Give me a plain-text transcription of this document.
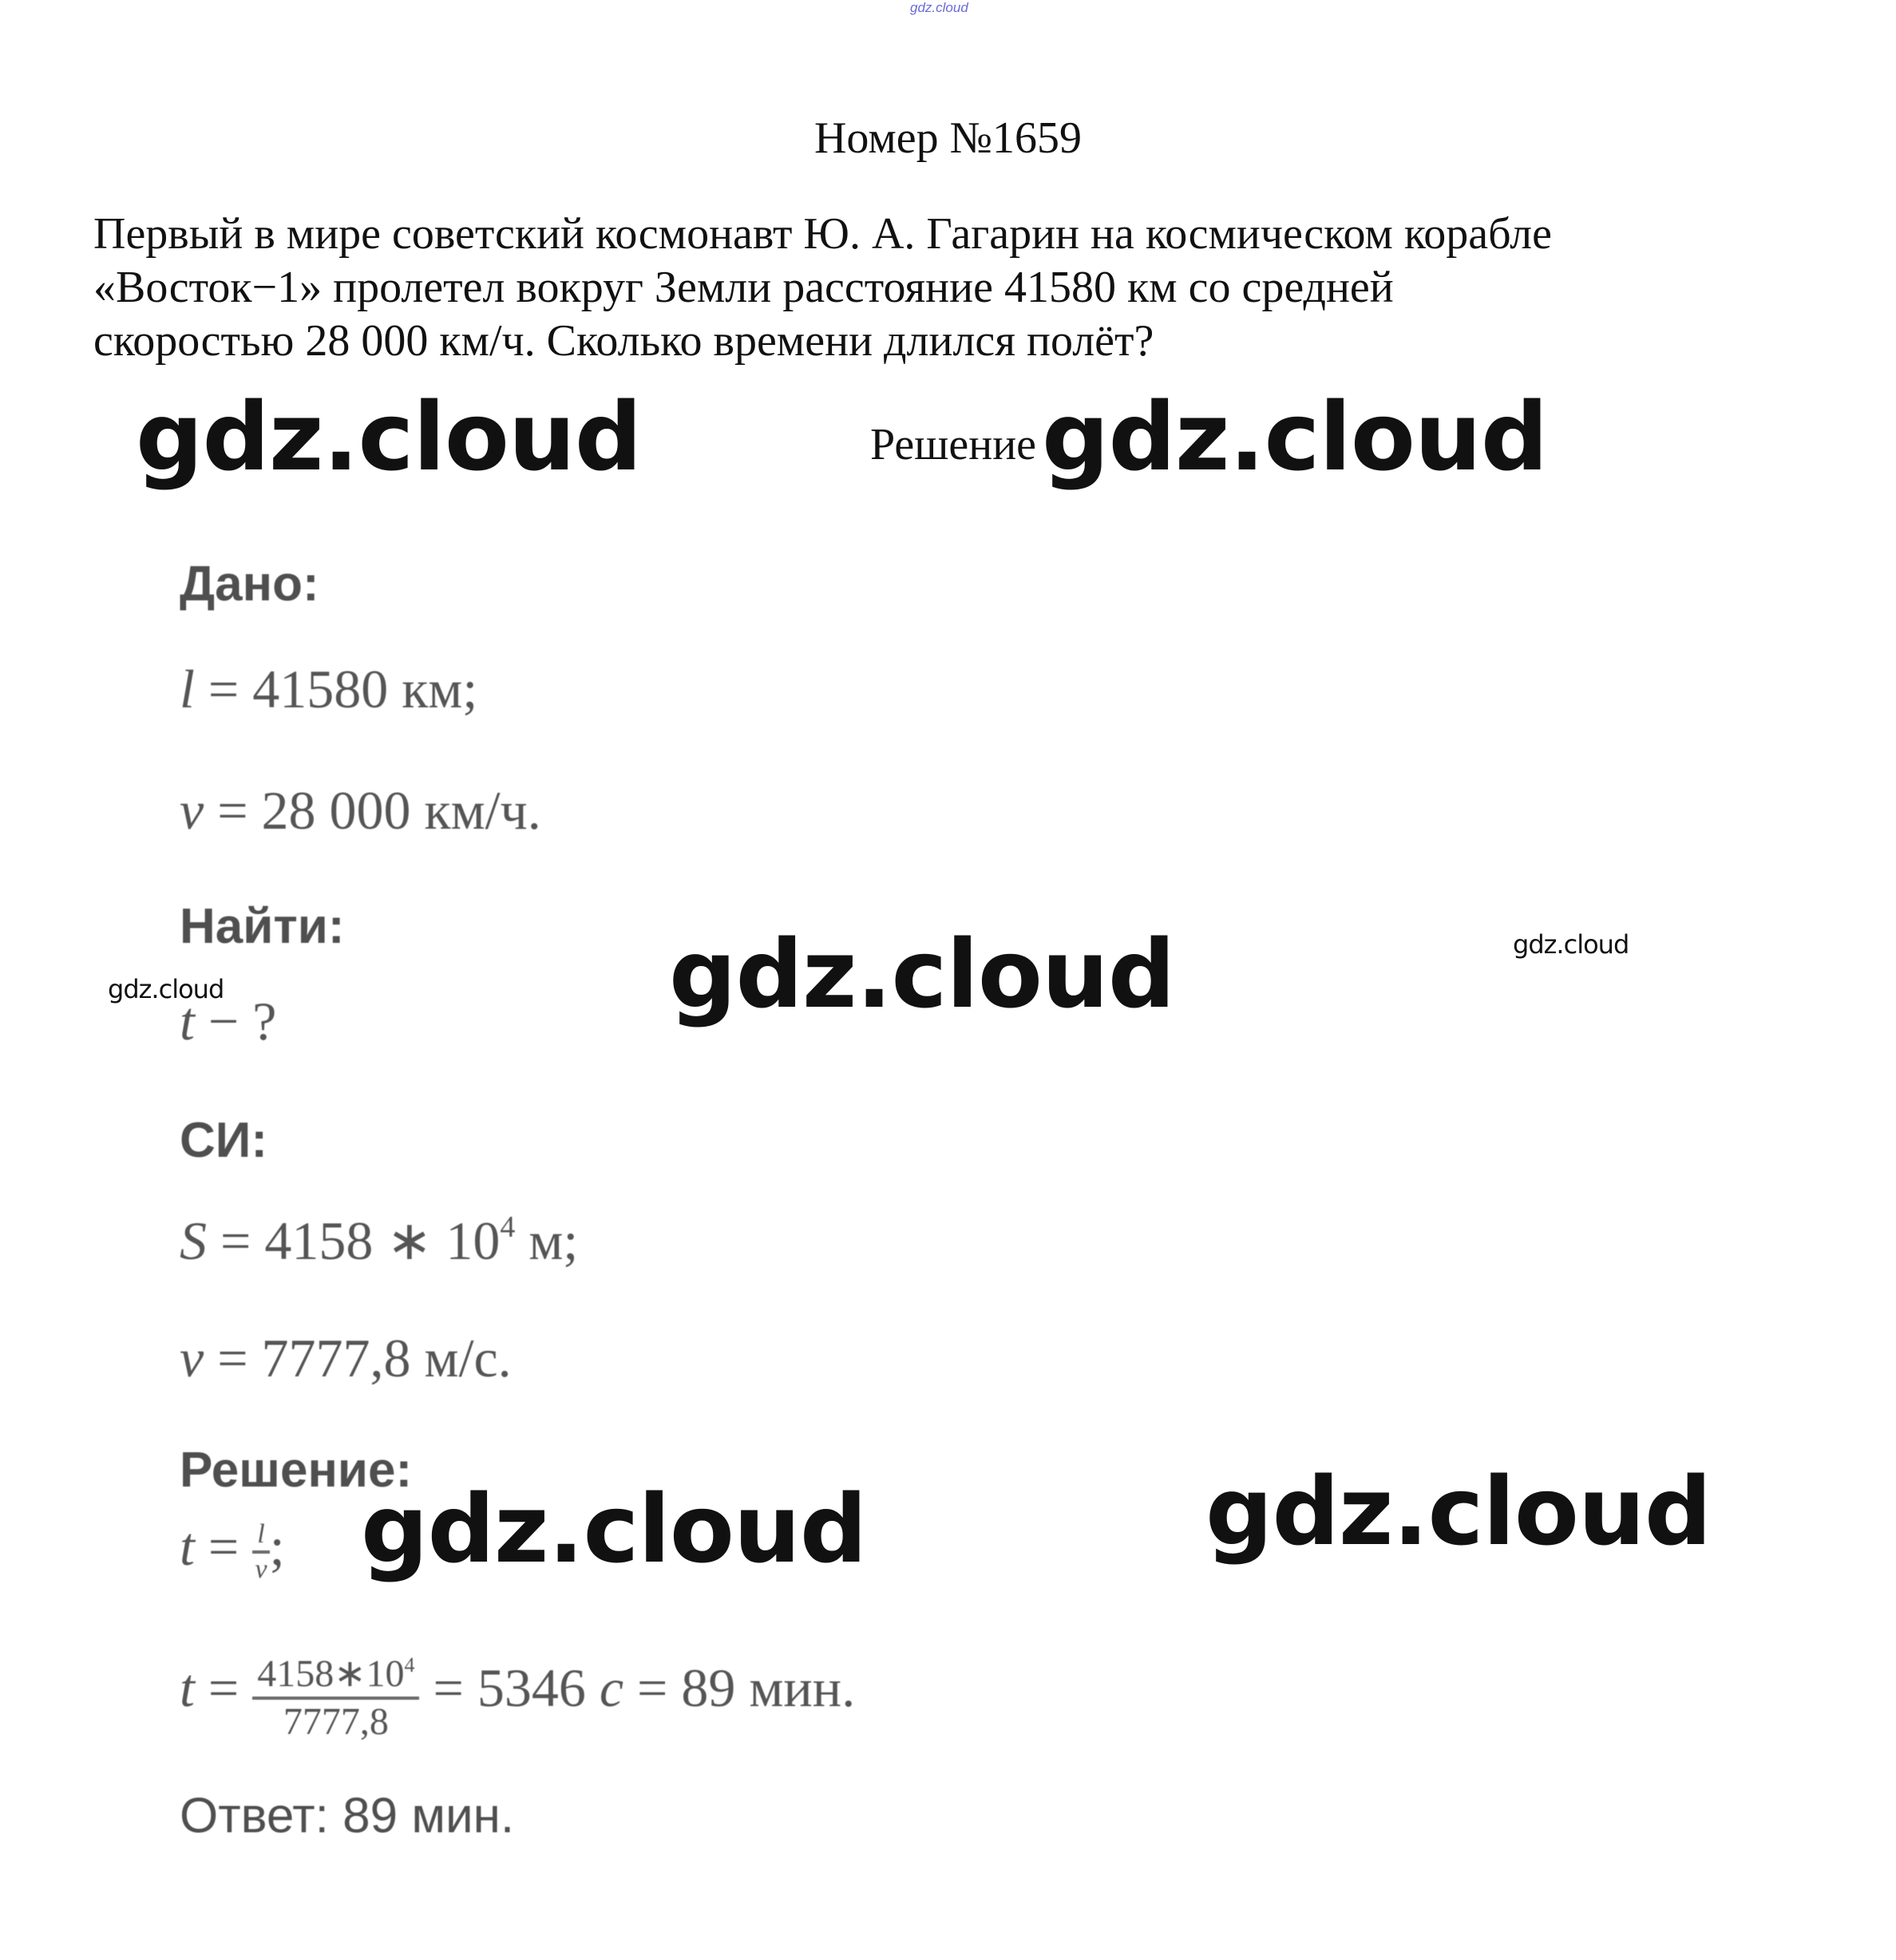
gdz.cloud
Номер №1659
Первый в мире советский космонавт Ю. А. Гагарин на космическом корабле
«Восток−1» пролетел вокруг Земли расстояние 41580 км со средней
скоростью 28 000 км/ч. Сколько времени длился полёт?
Решение
gdz.cloud	gdz.cloud
gdz.cloud
gdz.cloud	gdz.cloud
gdz.cloud
gdz.cloud
Дано:
l = 41580 км;
v = 28 000 км/ч.
Найти:
t − ?
СИ:
S = 4158 ∗ $10^4$ м;
v = 7777,8 м/с.
Решение:
$t = \frac{l}{v}$ ;
$t = \frac{4158∗10^4}{7777,8} = 5346$ c = 89 мин.
Ответ: 89 мин.
